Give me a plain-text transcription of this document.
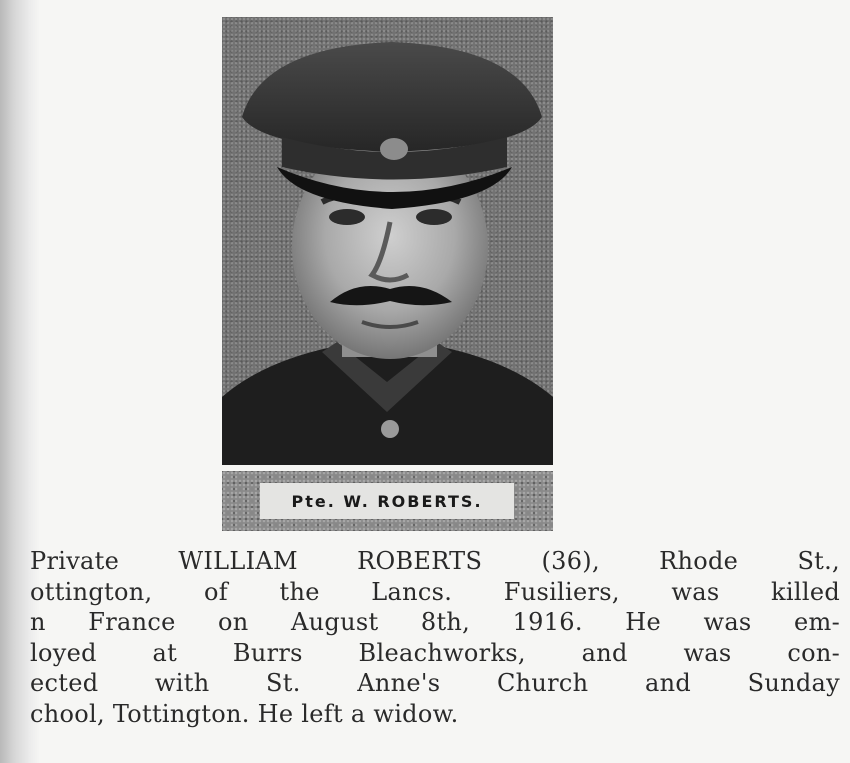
Pte. W. ROBERTS.

Private WILLIAM ROBERTS (36), Rhode St.,
ottington, of the Lancs. Fusiliers, was killed
n France on August 8th, 1916. He was em-
loyed at Burrs Bleachworks, and was con-
ected with St. Anne's Church and Sunday
chool, Tottington. He left a widow.
